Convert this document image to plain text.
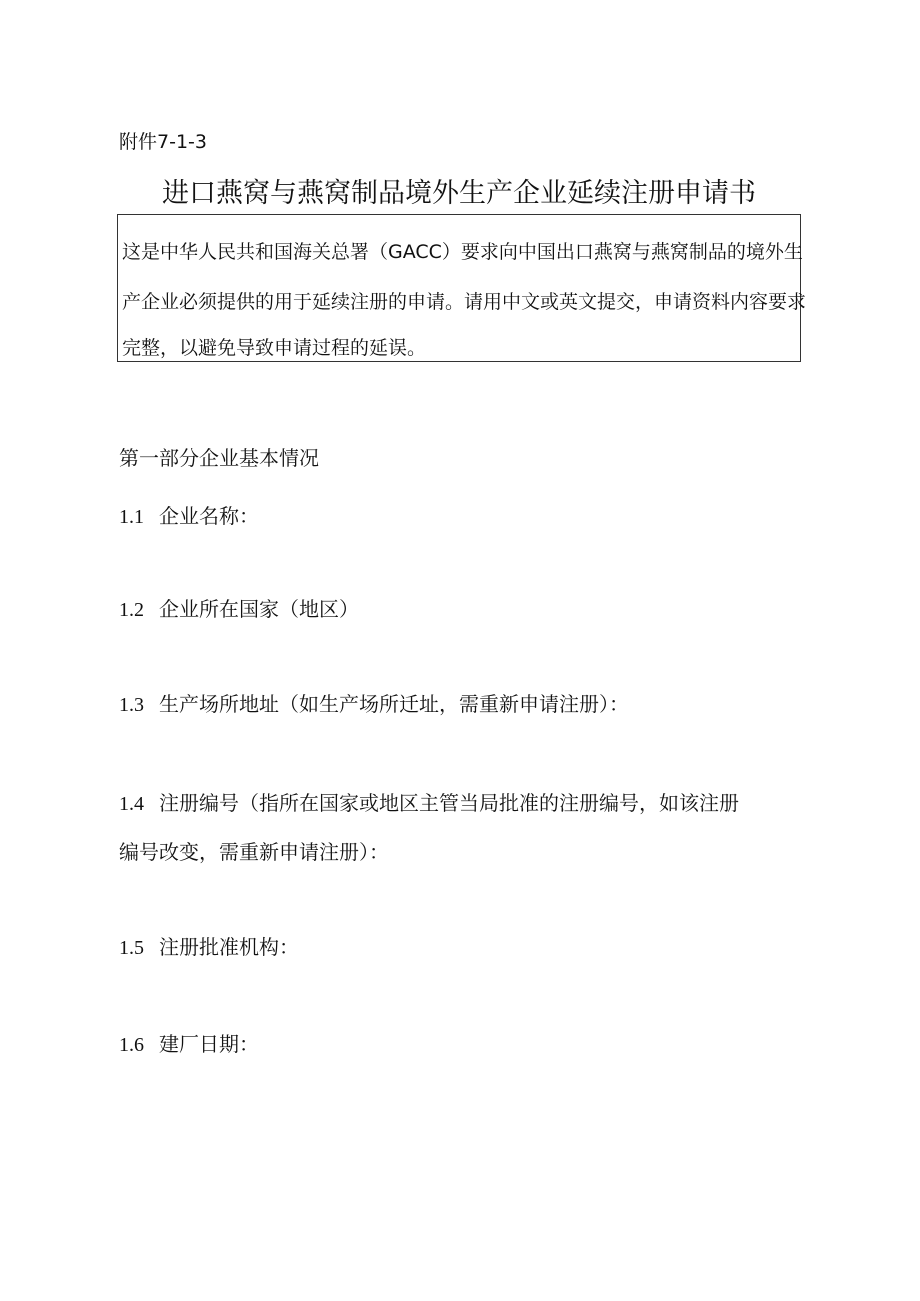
附件7-1-3
进口燕窝与燕窝制品境外生产企业延续注册申请书
这是中华人民共和国海关总署（GACC）要求向中国出口燕窝与燕窝制品的境外生
产企业必须提供的用于延续注册的申请。请用中文或英文提交，申请资料内容要求
完整，以避免导致申请过程的延误。
第一部分企业基本情况
1.1 企业名称：
1.2 企业所在国家（地区）
1.3 生产场所地址（如生产场所迁址，需重新申请注册）：
1.4 注册编号（指所在国家或地区主管当局批准的注册编号，如该注册
编号改变，需重新申请注册）：
1.5 注册批准机构：
1.6 建厂日期：
